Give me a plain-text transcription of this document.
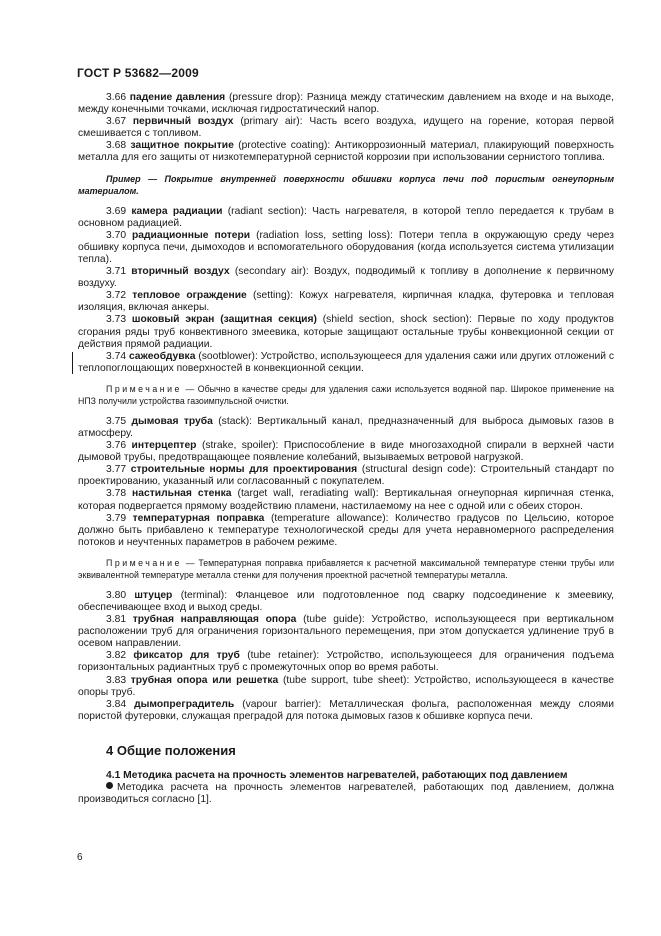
ГОСТ Р 53682—2009

3.66 падение давления (pressure drop): Разница между статическим давлением на входе и на выходе, между конечными точками, исключая гидростатический напор.

3.67 первичный воздух (primary air): Часть всего воздуха, идущего на горение, которая первой смешивается с топливом.

3.68 защитное покрытие (protective coating): Антикоррозионный материал, плакирующий поверхность металла для его защиты от низкотемпературной сернистой коррозии при использовании сернистого топлива.

Пример — Покрытие внутренней поверхности обшивки корпуса печи под пористым огнеупорным материалом.

3.69 камера радиации (radiant section): Часть нагревателя, в которой тепло передается к трубам в основном радиацией.

3.70 радиационные потери (radiation loss, setting loss): Потери тепла в окружающую среду через обшивку корпуса печи, дымоходов и вспомогательного оборудования (когда используется система утилизации тепла).

3.71 вторичный воздух (secondary air): Воздух, подводимый к топливу в дополнение к первичному воздуху.

3.72 тепловое ограждение (setting): Кожух нагревателя, кирпичная кладка, футеровка и тепловая изоляция, включая анкеры.

3.73 шоковый экран (защитная секция) (shield section, shock section): Первые по ходу продуктов сгорания ряды труб конвективного змеевика, которые защищают остальные трубы конвекционной секции от действия прямой радиации.

3.74 сажеобдувка (sootblower): Устройство, использующееся для удаления сажи или других отложений с теплопоглощающих поверхностей в конвекционной секции.

Примечание — Обычно в качестве среды для удаления сажи используется водяной пар. Широкое применение на НПЗ получили устройства газоимпульсной очистки.

3.75 дымовая труба (stack): Вертикальный канал, предназначенный для выброса дымовых газов в атмосферу.

3.76 интерцептер (strake, spoiler): Приспособление в виде многозаходной спирали в верхней части дымовой трубы, предотвращающее появление колебаний, вызываемых ветровой нагрузкой.

3.77 строительные нормы для проектирования (structural design code): Строительный стандарт по проектированию, указанный или согласованный с покупателем.

3.78 настильная стенка (target wall, reradiating wall): Вертикальная огнеупорная кирпичная стенка, которая подвергается прямому воздействию пламени, настилаемому на нее с одной или с обеих сторон.

3.79 температурная поправка (temperature allowance): Количество градусов по Цельсию, которое должно быть прибавлено к температуре технологической среды для учета неравномерного распределения потоков и неучтенных параметров в рабочем режиме.

Примечание — Температурная поправка прибавляется к расчетной максимальной температуре стенки трубы или эквивалентной температуре металла стенки для получения проектной расчетной температуры металла.

3.80 штуцер (terminal): Фланцевое или подготовленное под сварку подсоединение к змеевику, обеспечивающее вход и выход среды.

3.81 трубная направляющая опора (tube guide): Устройство, использующееся при вертикальном расположении труб для ограничения горизонтального перемещения, при этом допускается удлинение труб в осевом направлении.

3.82 фиксатор для труб (tube retainer): Устройство, использующееся для ограничения подъема горизонтальных радиантных труб с промежуточных опор во время работы.

3.83 трубная опора или решетка (tube support, tube sheet): Устройство, использующееся в качестве опоры труб.

3.84 дымопреградитель (vapour barrier): Металлическая фольга, расположенная между слоями пористой футеровки, служащая преградой для потока дымовых газов к обшивке корпуса печи.

4 Общие положения

4.1 Методика расчета на прочность элементов нагревателей, работающих под давлением

Методика расчета на прочность элементов нагревателей, работающих под давлением, должна производиться согласно [1].

6
